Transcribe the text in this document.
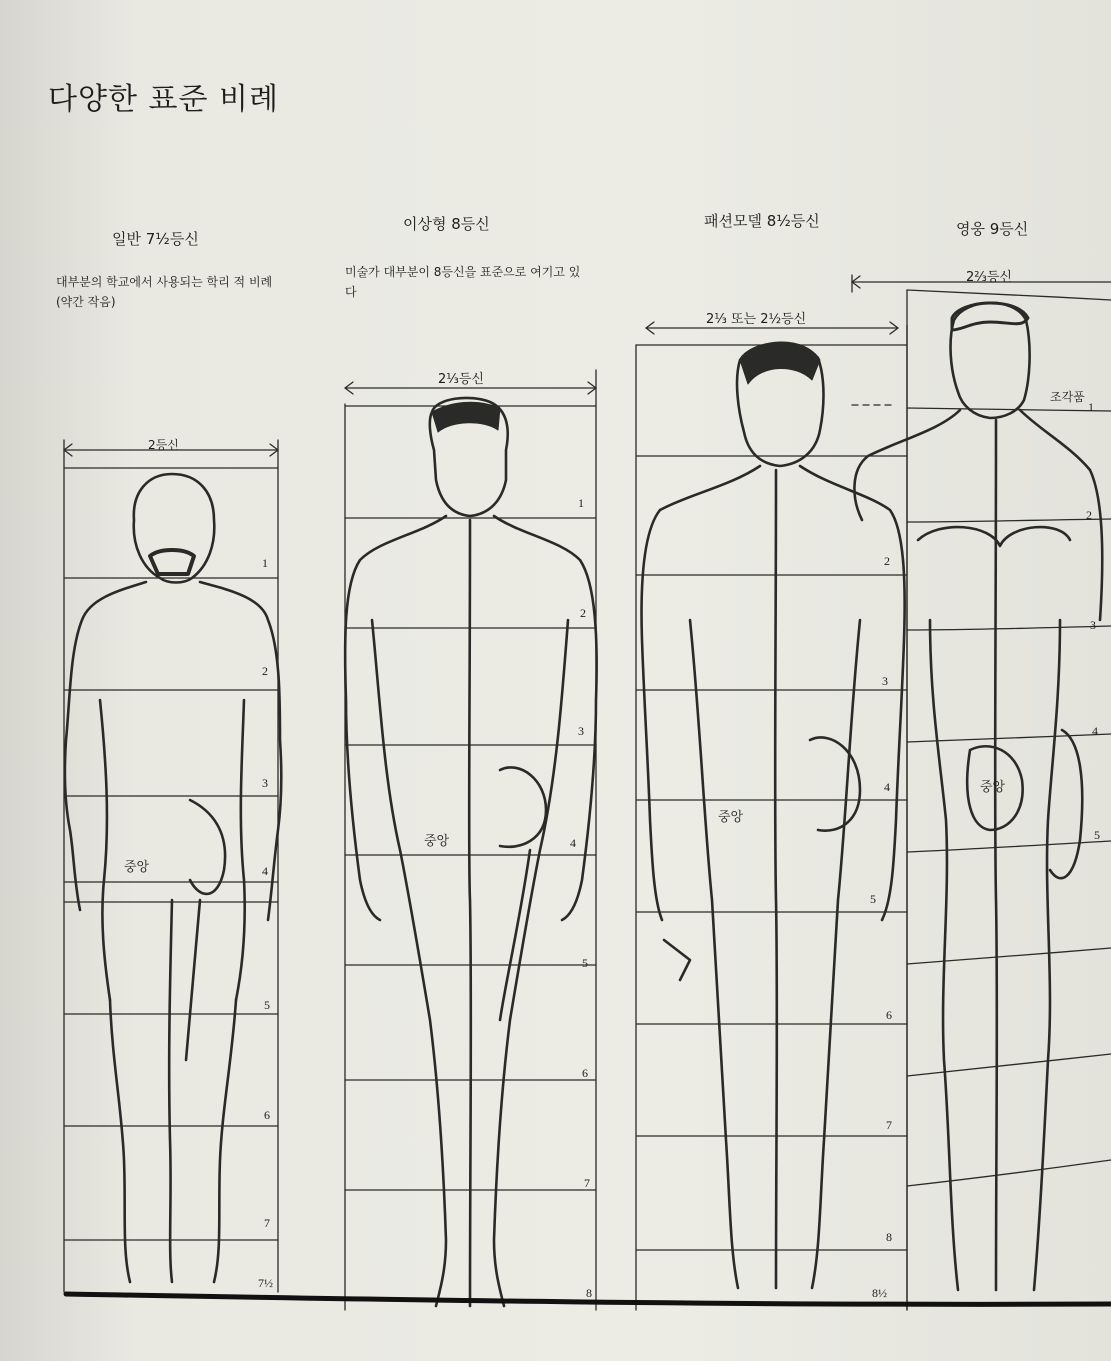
다양한 표준 비례
일반 7½등신
이상형 8등신	패션모델 8½등신	영웅 9등신
대부분의 학교에서 사용되는 학리 적 비례(약간 작음)
미술가 대부분이 8등신을 표준으로 여기고 있다
2등신
2⅓등신
2⅓ 또는 2½등신
2⅔등신
중앙
중앙
중앙
중앙
조각품
1
2
3
4
5
6
7
7½
1
2
3
4
5
6
7
8
2
3
4
5
6
7
8
8½
1
2
3
4
5
